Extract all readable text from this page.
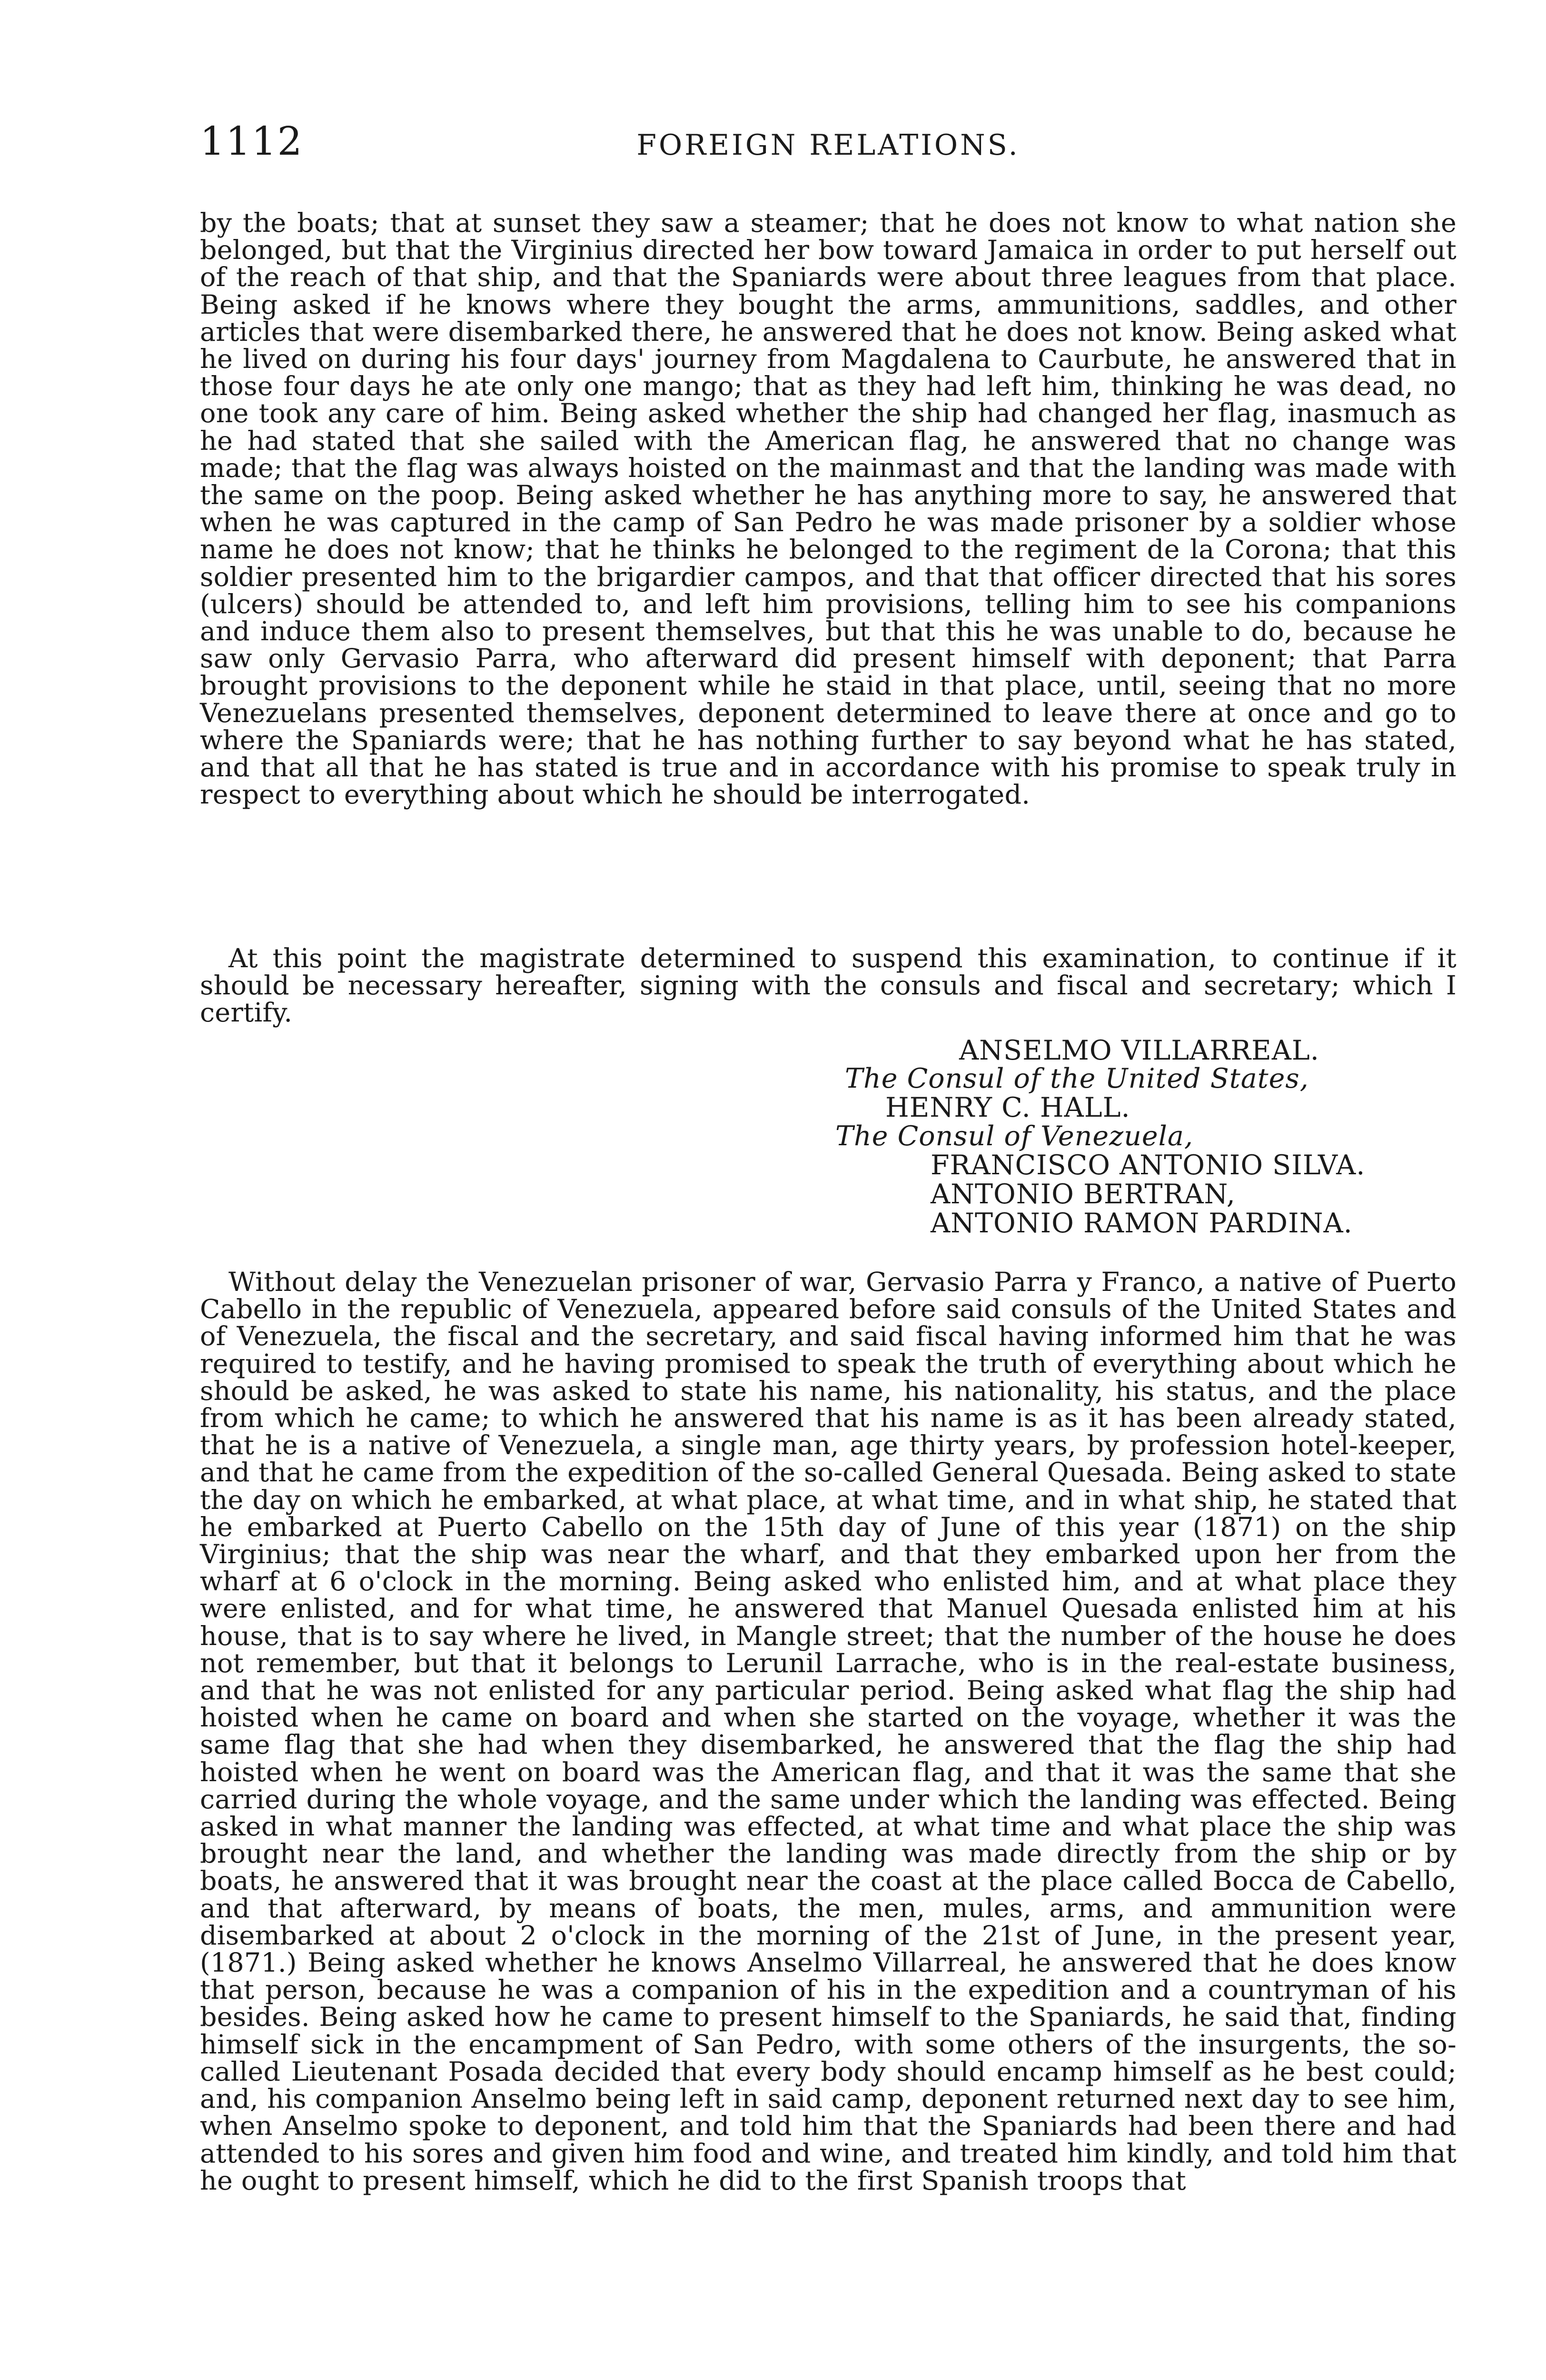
1112	FOREIGN RELATIONS.

by the boats; that at sunset they saw a steamer; that he does not know to what nation she belonged, but that the Virginius directed her bow toward Jamaica in order to put herself out of the reach of that ship, and that the Spaniards were about three leagues from that place. Being asked if he knows where they bought the arms, ammunitions, saddles, and other articles that were disembarked there, he answered that he does not know. Being asked what he lived on during his four days' journey from Magdalena to Caurbute, he answered that in those four days he ate only one mango; that as they had left him, thinking he was dead, no one took any care of him. Being asked whether the ship had changed her flag, inasmuch as he had stated that she sailed with the American flag, he answered that no change was made; that the flag was always hoisted on the mainmast and that the landing was made with the same on the poop. Being asked whether he has anything more to say, he answered that when he was captured in the camp of San Pedro he was made prisoner by a soldier whose name he does not know; that he thinks he belonged to the regiment de la Corona; that this soldier presented him to the brigardier campos, and that that officer directed that his sores (ulcers) should be attended to, and left him provisions, telling him to see his companions and induce them also to present themselves, but that this he was unable to do, because he saw only Gervasio Parra, who afterward did present himself with deponent; that Parra brought provisions to the deponent while he staid in that place, until, seeing that no more Venezuelans presented themselves, deponent determined to leave there at once and go to where the Spaniards were; that he has nothing further to say beyond what he has stated, and that all that he has stated is true and in accordance with his promise to speak truly in respect to everything about which he should be interrogated.

At this point the magistrate determined to suspend this examination, to continue if it should be necessary hereafter, signing with the consuls and fiscal and secretary; which I certify.

ANSELMO VILLARREAL.
The Consul of the United States,
HENRY C. HALL.
The Consul of Venezuela,
FRANCISCO ANTONIO SILVA.
ANTONIO BERTRAN,
ANTONIO RAMON PARDINA.

Without delay the Venezuelan prisoner of war, Gervasio Parra y Franco, a native of Puerto Cabello in the republic of Venezuela, appeared before said consuls of the United States and of Venezuela, the fiscal and the secretary, and said fiscal having informed him that he was required to testify, and he having promised to speak the truth of everything about which he should be asked, he was asked to state his name, his nationality, his status, and the place from which he came; to which he answered that his name is as it has been already stated, that he is a native of Venezuela, a single man, age thirty years, by profession hotel-keeper, and that he came from the expedition of the so-called General Quesada. Being asked to state the day on which he embarked, at what place, at what time, and in what ship, he stated that he embarked at Puerto Cabello on the 15th day of June of this year (1871) on the ship Virginius; that the ship was near the wharf, and that they embarked upon her from the wharf at 6 o'clock in the morning. Being asked who enlisted him, and at what place they were enlisted, and for what time, he answered that Manuel Quesada enlisted him at his house, that is to say where he lived, in Mangle street; that the number of the house he does not remember, but that it belongs to Lerunil Larrache, who is in the real-estate business, and that he was not enlisted for any particular period. Being asked what flag the ship had hoisted when he came on board and when she started on the voyage, whether it was the same flag that she had when they disembarked, he answered that the flag the ship had hoisted when he went on board was the American flag, and that it was the same that she carried during the whole voyage, and the same under which the landing was effected. Being asked in what manner the landing was effected, at what time and what place the ship was brought near the land, and whether the landing was made directly from the ship or by boats, he answered that it was brought near the coast at the place called Bocca de Cabello, and that afterward, by means of boats, the men, mules, arms, and ammunition were disembarked at about 2 o'clock in the morning of the 21st of June, in the present year, (1871.) Being asked whether he knows Anselmo Villarreal, he answered that he does know that person, because he was a companion of his in the expedition and a countryman of his besides. Being asked how he came to present himself to the Spaniards, he said that, finding himself sick in the encampment of San Pedro, with some others of the insurgents, the so-called Lieutenant Posada decided that every body should encamp himself as he best could; and, his companion Anselmo being left in said camp, deponent returned next day to see him, when Anselmo spoke to deponent, and told him that the Spaniards had been there and had attended to his sores and given him food and wine, and treated him kindly, and told him that he ought to present himself, which he did to the first Spanish troops that
